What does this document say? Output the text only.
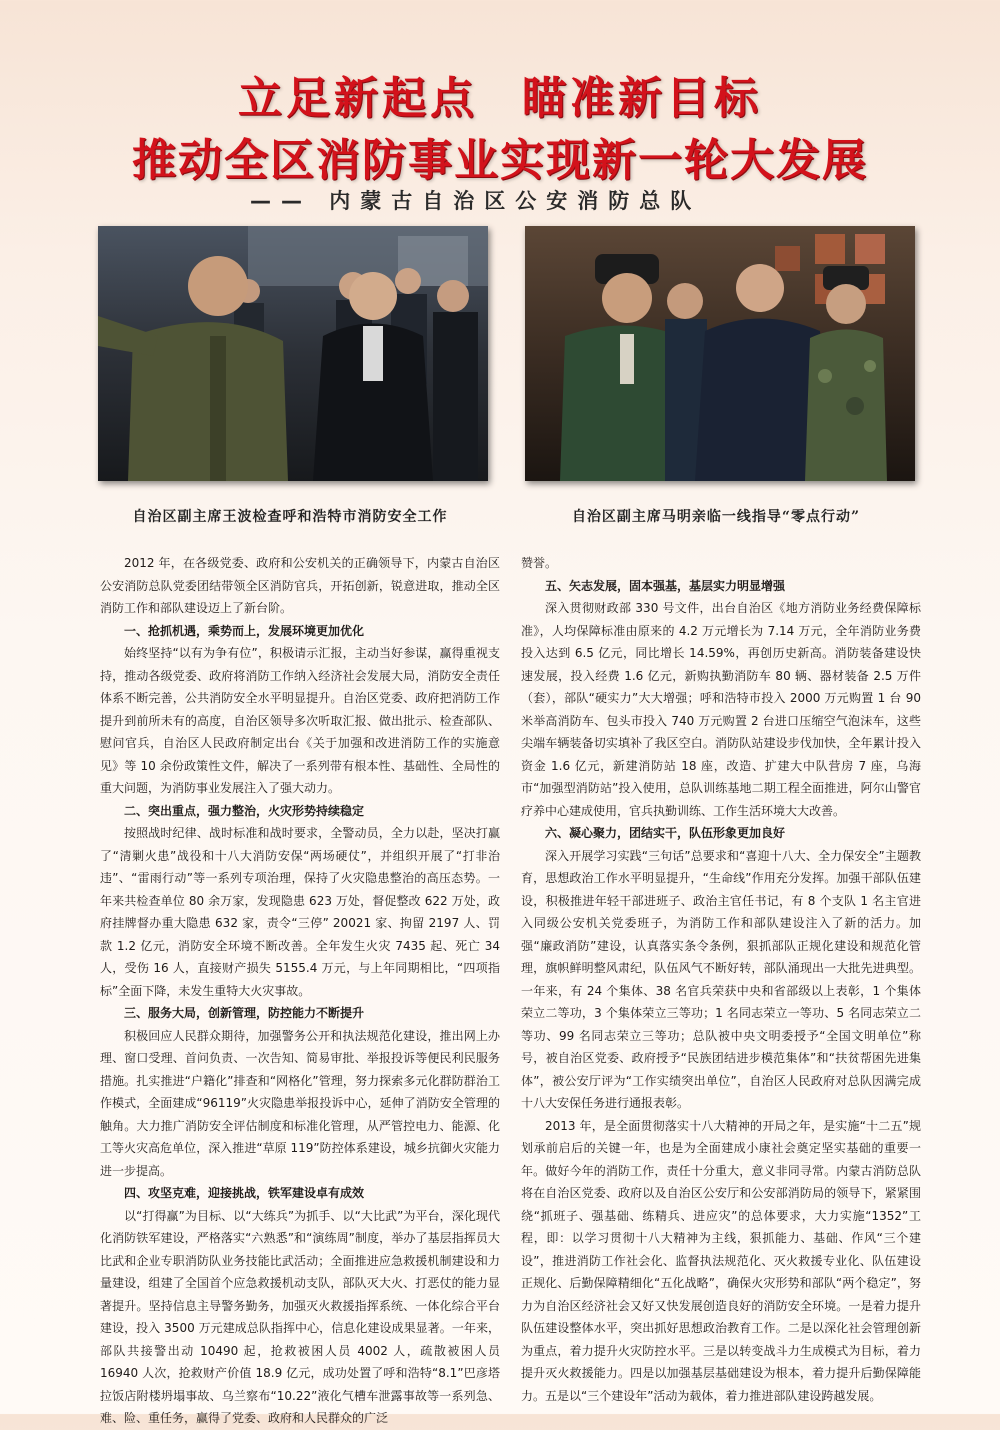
立足新起点 瞄准新目标
推动全区消防事业实现新一轮大发展
—— 内蒙古自治区公安消防总队
自治区副主席王波检查呼和浩特市消防安全工作	自治区副主席马明亲临一线指导“零点行动”

2012 年，在各级党委、政府和公安机关的正确领导下，内蒙古自治区公安消防总队党委团结带领全区消防官兵，开拓创新，锐意进取，推动全区消防工作和部队建设迈上了新台阶。

一、抢抓机遇，乘势而上，发展环境更加优化

始终坚持“以有为争有位”，积极请示汇报，主动当好参谋，赢得重视支持，推动各级党委、政府将消防工作纳入经济社会发展大局，消防安全责任体系不断完善，公共消防安全水平明显提升。自治区党委、政府把消防工作提升到前所未有的高度，自治区领导多次听取汇报、做出批示、检查部队、慰问官兵，自治区人民政府制定出台《关于加强和改进消防工作的实施意见》等 10 余份政策性文件，解决了一系列带有根本性、基础性、全局性的重大问题，为消防事业发展注入了强大动力。

二、突出重点，强力整治，火灾形势持续稳定

按照战时纪律、战时标准和战时要求，全警动员，全力以赴，坚决打赢了“清剿火患”战役和十八大消防安保“两场硬仗”，并组织开展了“打非治违”、“雷雨行动”等一系列专项治理，保持了火灾隐患整治的高压态势。一年来共检查单位 80 余万家，发现隐患 623 万处，督促整改 622 万处，政府挂牌督办重大隐患 632 家，责令“三停” 20021 家、拘留 2197 人、罚款 1.2 亿元，消防安全环境不断改善。全年发生火灾 7435 起、死亡 34 人，受伤 16 人，直接财产损失 5155.4 万元，与上年同期相比，“四项指标”全面下降，未发生重特大火灾事故。

三、服务大局，创新管理，防控能力不断提升

积极回应人民群众期待，加强警务公开和执法规范化建设，推出网上办理、窗口受理、首问负责、一次告知、简易审批、举报投诉等便民利民服务措施。扎实推进“户籍化”排查和“网格化”管理，努力探索多元化群防群治工作模式，全面建成“96119”火灾隐患举报投诉中心，延伸了消防安全管理的触角。大力推广消防安全评估制度和标准化管理，从严管控电力、能源、化工等火灾高危单位，深入推进“草原 119”防控体系建设，城乡抗御火灾能力进一步提高。

四、攻坚克难，迎接挑战，铁军建设卓有成效

以“打得赢”为目标、以“大练兵”为抓手、以“大比武”为平台，深化现代化消防铁军建设，严格落实“六熟悉”和“演练周”制度，举办了基层指挥员大比武和企业专职消防队业务技能比武活动；全面推进应急救援机制建设和力量建设，组建了全国首个应急救援机动支队，部队灭大火、打恶仗的能力显著提升。坚持信息主导警务勤务，加强灭火救援指挥系统、一体化综合平台建设，投入 3500 万元建成总队指挥中心，信息化建设成果显著。一年来，部队共接警出动 10490 起，抢救被困人员 4002 人，疏散被困人员 16940 人次，抢救财产价值 18.9 亿元，成功处置了呼和浩特“8.1”巴彦塔拉饭店附楼坍塌事故、乌兰察布“10.22”液化气槽车泄露事故等一系列急、难、险、重任务，赢得了党委、政府和人民群众的广泛

赞誉。

五、矢志发展，固本强基，基层实力明显增强

深入贯彻财政部 330 号文件，出台自治区《地方消防业务经费保障标准》，人均保障标准由原来的 4.2 万元增长为 7.14 万元，全年消防业务费投入达到 6.5 亿元，同比增长 14.59%，再创历史新高。消防装备建设快速发展，投入经费 1.6 亿元，新购执勤消防车 80 辆、器材装备 2.5 万件（套），部队“硬实力”大大增强；呼和浩特市投入 2000 万元购置 1 台 90 米举高消防车、包头市投入 740 万元购置 2 台进口压缩空气泡沫车，这些尖端车辆装备切实填补了我区空白。消防队站建设步伐加快，全年累计投入资金 1.6 亿元，新建消防站 18 座，改造、扩建大中队营房 7 座，乌海市“加强型消防站”投入使用，总队训练基地二期工程全面推进，阿尔山警官疗养中心建成使用，官兵执勤训练、工作生活环境大大改善。

六、凝心聚力，团结实干，队伍形象更加良好

深入开展学习实践“三句话”总要求和“喜迎十八大、全力保安全”主题教育，思想政治工作水平明显提升，“生命线”作用充分发挥。加强干部队伍建设，积极推进年轻干部进班子、政治主官任书记，有 8 个支队 1 名主官进入同级公安机关党委班子，为消防工作和部队建设注入了新的活力。加强“廉政消防”建设，认真落实条令条例，狠抓部队正规化建设和规范化管理，旗帜鲜明整风肃纪，队伍风气不断好转，部队涌现出一大批先进典型。一年来，有 24 个集体、38 名官兵荣获中央和省部级以上表彰，1 个集体荣立二等功，3 个集体荣立三等功；1 名同志荣立一等功、5 名同志荣立二等功、99 名同志荣立三等功；总队被中央文明委授予“全国文明单位”称号，被自治区党委、政府授予“民族团结进步模范集体”和“扶贫帮困先进集体”，被公安厅评为“工作实绩突出单位”，自治区人民政府对总队因满完成十八大安保任务进行通报表彰。

2013 年，是全面贯彻落实十八大精神的开局之年，是实施“十二五”规划承前启后的关键一年，也是为全面建成小康社会奠定坚实基础的重要一年。做好今年的消防工作，责任十分重大，意义非同寻常。内蒙古消防总队将在自治区党委、政府以及自治区公安厅和公安部消防局的领导下，紧紧围绕“抓班子、强基础、练精兵、进应灾”的总体要求，大力实施“1352”工程，即：以学习贯彻十八大精神为主线，狠抓能力、基础、作风“三个建设”，推进消防工作社会化、监督执法规范化、灭火救援专业化、队伍建设正规化、后勤保障精细化“五化战略”，确保火灾形势和部队“两个稳定”，努力为自治区经济社会又好又快发展创造良好的消防安全环境。一是着力提升队伍建设整体水平，突出抓好思想政治教育工作。二是以深化社会管理创新为重点，着力提升火灾防控水平。三是以转变战斗力生成模式为目标，着力提升灭火救援能力。四是以加强基层基础建设为根本，着力提升后勤保障能力。五是以“三个建设年”活动为载体，着力推进部队建设跨越发展。
